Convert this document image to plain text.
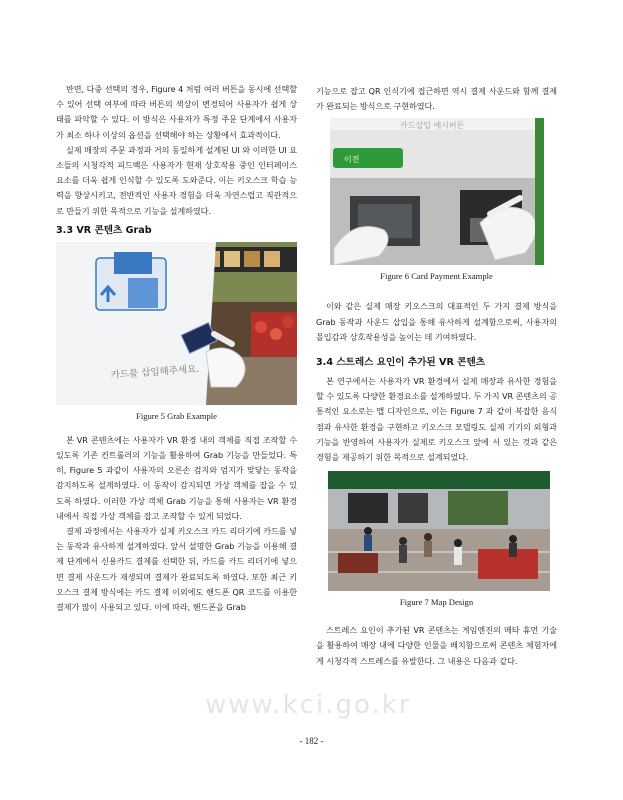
반면, 다중 선택의 경우, Figure 4 처럼 여러 버튼을 동시에 선택할 수 있어 선택 여부에 따라 버튼의 색상이 변경되어 사용자가 쉽게 상태를 파악할 수 있다. 이 방식은 사용자가 특정 주문 단계에서 사용자가 최소 하나 이상의 옵션을 선택해야 하는 상황에서 효과적이다.

실제 매장의 주문 과정과 거의 동일하게 설계된 UI 와 이러한 UI 요소들의 시청각적 피드백은 사용자가 현재 상호작용 중인 인터페이스 요소를 더욱 쉽게 인식할 수 있도록 도와준다. 이는 키오스크 학습 능력을 향상시키고, 전반적인 사용자 경험을 더욱 자연스럽고 직관적으로 만들기 위한 목적으로 기능을 설계하였다.

3.3 VR 콘텐츠 Grab
카드를 삽입해주세요.
Figure 5 Grab Example

본 VR 콘텐츠에는 사용자가 VR 환경 내의 객체를 직접 조작할 수 있도록 기존 컨트롤러의 기능을 활용하여 Grab 기능을 만들었다. 특히, Figure 5 과같이 사용자의 오른손 검지와 엄지가 맞닿는 동작을 감지하도록 설계하였다. 이 동작이 감지되면 가상 객체를 잡을 수 있도록 하였다. 이러한 가상 객체 Grab 기능을 통해 사용자는 VR 환경 내에서 직접 가상 객체를 잡고 조작할 수 있게 되었다.

결제 과정에서는 사용자가 실제 키오스크 카드 리더기에 카드를 넣는 동작과 유사하게 설계하였다. 앞서 설명한 Grab 기능을 이용해 결제 단계에서 신용카드 결제를 선택한 뒤, 카드를 카드 리더기에 넣으면 결제 사운드가 재생되며 결제가 완료되도록 하였다. 또한 최근 키오스크 결제 방식에는 카드 결제 이외에도 핸드폰 QR 코드를 이용한 결제가 많이 사용되고 있다. 이에 따라, 핸드폰을 Grab

기능으로 잡고 QR 인식기에 접근하면 역시 결제 사운드와 함께 결제가 완료되는 방식으로 구현하였다.

카드삽입 예시버튼
이전
Figure 6 Card Payment Example

이와 같은 실제 매장 키오스크의 대표적인 두 가지 결제 방식을 Grab 동작과 사운드 삽입을 통해 유사하게 설계함으로써, 사용자의 몰입감과 상호작용성을 높이는 데 기여하였다.

3.4 스트레스 요인이 추가된 VR 콘텐츠

본 연구에서는 사용자가 VR 환경에서 실제 매장과 유사한 경험을 할 수 있도록 다양한 환경요소를 설계하였다. 두 가지 VR 콘텐츠의 공통적인 요소로는 맵 디자인으로, 이는 Figure 7 과 같이 복잡한 음식점과 유사한 환경을 구현하고 키오스크 모델링도 실제 기기의 외형과 기능을 반영하여 사용자가 실제로 키오스크 앞에 서 있는 것과 같은 경험을 제공하기 위한 목적으로 설계되었다.

Figure 7 Map Design

스트레스 요인이 추가된 VR 콘텐츠는 게임엔진의 메타 휴먼 기술을 활용하여 매장 내에 다양한 인물을 배치함으로써 콘텐츠 체험자에게 시청각적 스트레스를 유발한다. 그 내용은 다음과 같다.

www.kci.go.kr
- 182 -
